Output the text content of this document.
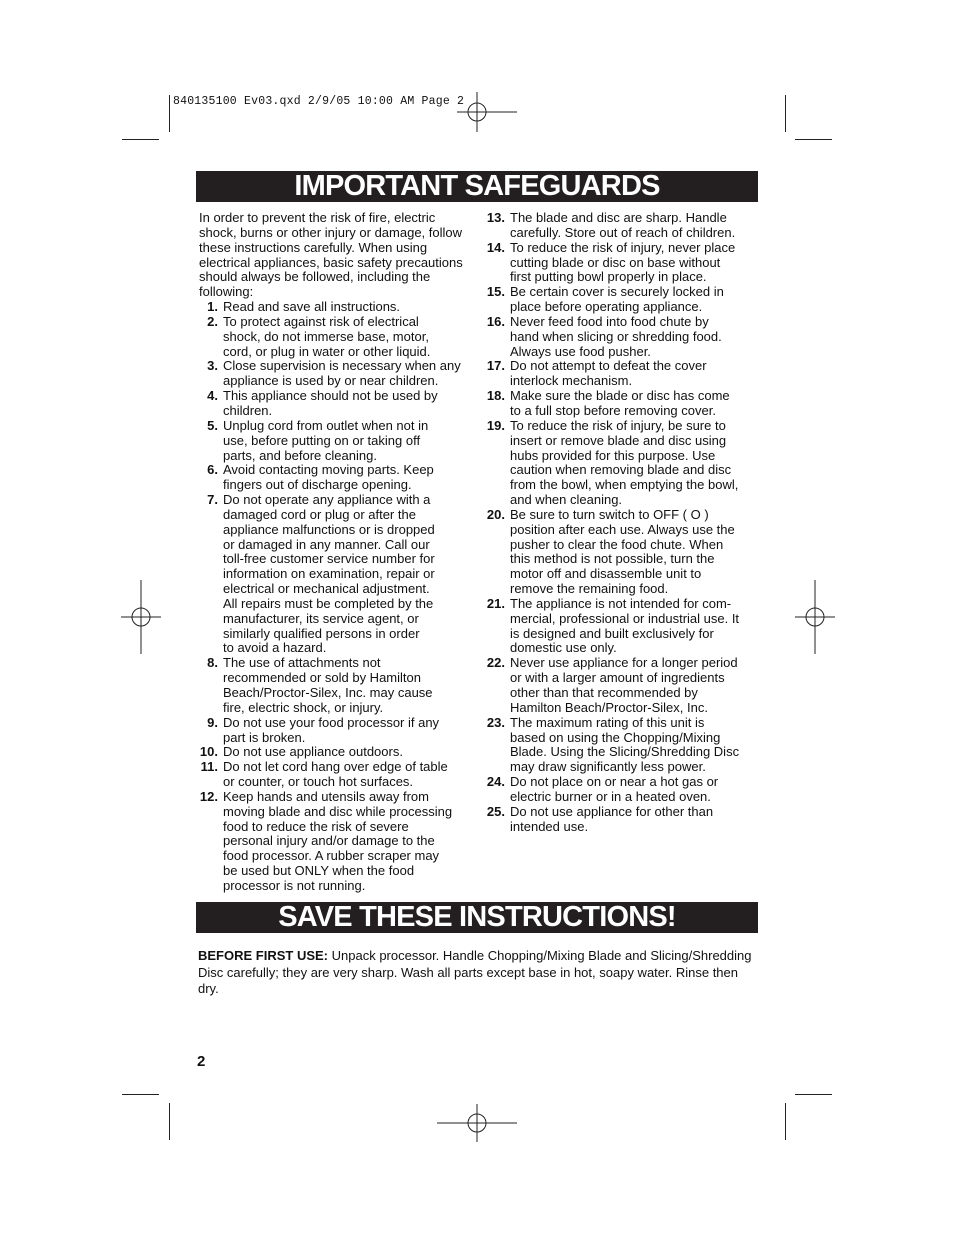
840135100 Ev03.qxd 2/9/05 10:00 AM Page 2
IMPORTANT SAFEGUARDS

In order to prevent the risk of fire, electric shock, burns or other injury or damage, follow these instructions carefully. When using electrical appliances, basic safety precautions should always be followed, including the following:

1. Read and save all instructions.
2. To protect against risk of electrical
shock, do not immerse base, motor,
cord, or plug in water or other liquid.
3. Close supervision is necessary when any
appliance is used by or near children.
4. This appliance should not be used by
children.
5. Unplug cord from outlet when not in
use, before putting on or taking off
parts, and before cleaning.
6. Avoid contacting moving parts. Keep
fingers out of discharge opening.
7. Do not operate any appliance with a
damaged cord or plug or after the
appliance malfunctions or is dropped
or damaged in any manner. Call our
toll-free customer service number for
information on examination, repair or
electrical or mechanical adjustment.
All repairs must be completed by the
manufacturer, its service agent, or
similarly qualified persons in order
to avoid a hazard.
8. The use of attachments not
recommended or sold by Hamilton
Beach/Proctor-Silex, Inc. may cause
fire, electric shock, or injury.
9. Do not use your food processor if any
part is broken.
10. Do not use appliance outdoors.
11. Do not let cord hang over edge of table
or counter, or touch hot surfaces.
12. Keep hands and utensils away from
moving blade and disc while processing
food to reduce the risk of severe
personal injury and/or damage to the
food processor. A rubber scraper may
be used but ONLY when the food
processor is not running.
13. The blade and disc are sharp. Handle
carefully. Store out of reach of children.
14. To reduce the risk of injury, never place
cutting blade or disc on base without
first putting bowl properly in place.
15. Be certain cover is securely locked in
place before operating appliance.
16. Never feed food into food chute by
hand when slicing or shredding food.
Always use food pusher.
17. Do not attempt to defeat the cover
interlock mechanism.
18. Make sure the blade or disc has come
to a full stop before removing cover.
19. To reduce the risk of injury, be sure to
insert or remove blade and disc using
hubs provided for this purpose. Use
caution when removing blade and disc
from the bowl, when emptying the bowl,
and when cleaning.
20. Be sure to turn switch to OFF ( O )
position after each use. Always use the
pusher to clear the food chute. When
this method is not possible, turn the
motor off and disassemble unit to
remove the remaining food.
21. The appliance is not intended for com-
mercial, professional or industrial use. It
is designed and built exclusively for
domestic use only.
22. Never use appliance for a longer period
or with a larger amount of ingredients
other than that recommended by
Hamilton Beach/Proctor-Silex, Inc.
23. The maximum rating of this unit is
based on using the Chopping/Mixing
Blade. Using the Slicing/Shredding Disc
may draw significantly less power.
24. Do not place on or near a hot gas or
electric burner or in a heated oven.
25. Do not use appliance for other than
intended use.
SAVE THESE INSTRUCTIONS!
BEFORE FIRST USE: Unpack processor. Handle Chopping/Mixing Blade and Slicing/Shredding Disc carefully; they are very sharp. Wash all parts except base in hot, soapy water. Rinse then dry.
2
